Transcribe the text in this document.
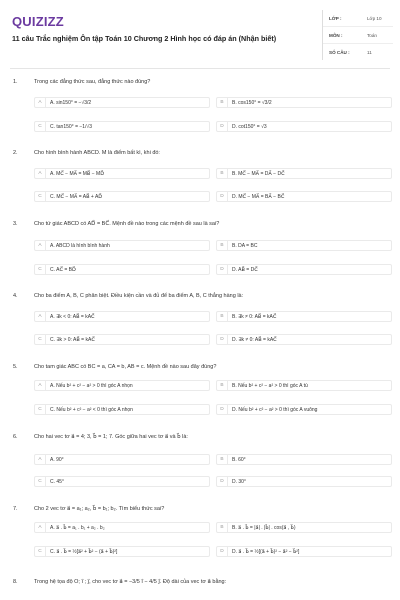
QUIZIZZ
11 câu Trắc nghiệm Ôn tập Toán 10 Chương 2 Hình học có đáp án (Nhận biết)
LỚP :	Lớp 10
MÔN :	Toán
SỐ CÂU :	11
1.	Trong các đẳng thức sau, đẳng thức nào đúng?
A	A. sin150° = −√3/2	B	B. cos150° = √3/2
C	C. tan150° = −1/√3	D	D. cot150° = √3
2.	Cho hình bình hành ABCD. M là điểm bất kì, khi đó:
A	A. MC⃗ − MA⃗ = MB⃗ − MD⃗	B	B. MC⃗ − MA⃗ = DA⃗ − DC⃗
C	C. MC⃗ − MA⃗ = AB⃗ + AD⃗	D	D. MC⃗ − MA⃗ = BA⃗ − BC⃗
3.	Cho tứ giác ABCD có AD⃗ = BC⃗. Mệnh đề nào trong các mệnh đề sau là sai?
A	A. ABCD là hình bình hành	B	B. DA = BC
C	C. AC⃗ = BD⃗	D	D. AB⃗ = DC⃗
4.	Cho ba điểm A, B, C phân biệt. Điều kiện cần và đủ để ba điểm A, B, C thẳng hàng là:
A	A. ∃k < 0: AB⃗ = kAC⃗	B	B. ∃k ≠ 0: AB⃗ = kAC⃗
C	C. ∃k > 0: AB⃗ = kAC⃗	D	D. ∃k ≠ 0: AB⃗ = kAC⃗
5.	Cho tam giác ABC có BC = a, CA = b, AB = c. Mệnh đề nào sau đây đúng?
A	A. Nếu b² + c² − a² > 0 thì góc A nhọn	B	B. Nếu b² + c² − a² > 0 thì góc A tù
C	C. Nếu b² + c² − a² < 0 thì góc A nhọn	D	D. Nếu b² + c² − a² > 0 thì góc A vuông
6.	Cho hai vec tơ a⃗ = 4; 3, b⃗ = 1; 7. Góc giữa hai vec tơ a⃗ và b⃗ là:
A	A. 90°	B	B. 60°
C	C. 45°	D	D. 30°
7.	Cho 2 vec tơ a⃗ = a₁; a₂, b⃗ = b₁; b₂. Tìm biểu thức sai?
A	A. a⃗ . b⃗ = a₁ . b₁ + a₂ . b₂	B	B. a⃗ . b⃗ = |a⃗| . |b⃗| . cos(a⃗ , b⃗)
C	C. a⃗ . b⃗ = ½[a⃗² + b⃗² − (a⃗ + b⃗)²]	D	D. a⃗ . b⃗ = ½[(a⃗ + b⃗)² − a⃗² − b⃗²]
8.	Trong hệ tọa độ O; i⃗ ; j⃗, cho vec tơ a⃗ = −3/5 i⃗ − 4/5 j⃗. Độ dài của vec tơ a⃗ bằng:
